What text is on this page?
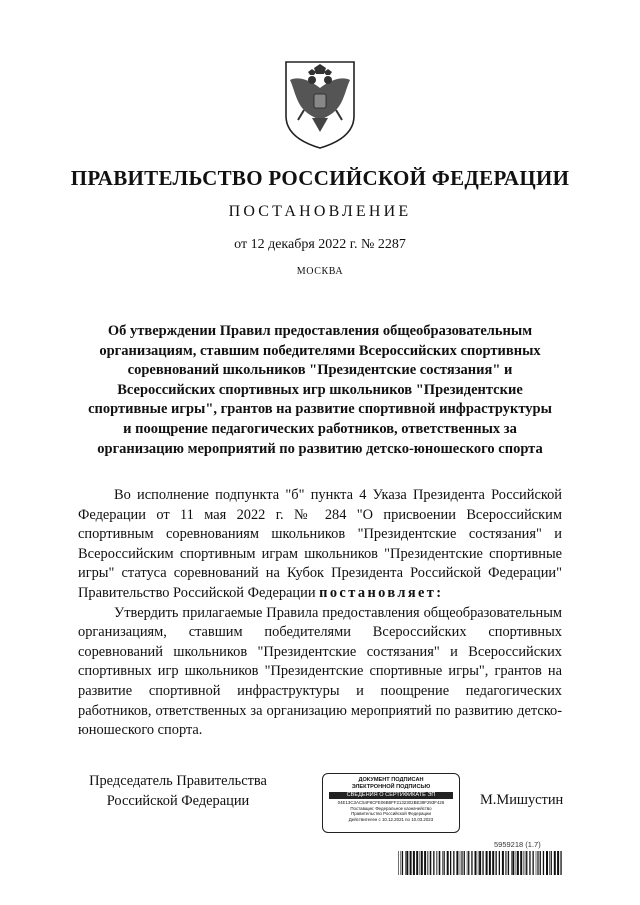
ПРАВИТЕЛЬСТВО РОССИЙСКОЙ ФЕДЕРАЦИИ
ПОСТАНОВЛЕНИЕ
от 12 декабря 2022 г. № 2287
МОСКВА
Об утверждении Правил предоставления общеобразовательным
организациям, ставшим победителями Всероссийских спортивных
соревнований школьников "Президентские состязания" и
Всероссийских спортивных игр школьников "Президентские
спортивные игры", грантов на развитие спортивной инфраструктуры
и поощрение педагогических работников, ответственных за
организацию мероприятий по развитию детско-юношеского спорта

Во исполнение подпункта "б" пункта 4 Указа Президента Российской Федерации от 11 мая 2022 г. № 284 "О присвоении Всероссийским спортивным соревнованиям школьников "Президентские состязания" и Всероссийским спортивным играм школьников "Президентские спортивные игры" статуса соревнований на Кубок Президента Российской Федерации" Правительство Российской Федерации постановляет:

Утвердить прилагаемые Правила предоставления общеобразовательным организациям, ставшим победителями Всероссийских спортивных соревнований школьников "Президентские состязания" и Всероссийских спортивных игр школьников "Президентские спортивные игры", грантов на развитие спортивной инфраструктуры и поощрение педагогических работников, ответственных за организацию мероприятий по развитию детско-юношеского спорта.

Председатель Правительства
Российской Федерации
ДОКУМЕНТ ПОДПИСАН
ЭЛЕКТРОННОЙ ПОДПИСЬЮ
СВЕДЕНИЯ О СЕРТИФИКАТЕ ЭП
04E13C3AC54F8CFE06B8FF2132302BE39F293F426
Поставщик: Федеральное казначейство
Правительство Российской Федерации
Действителен с 10.12.2021 по 10.03.2023
М.Мишустин
5959218 (1.7)
